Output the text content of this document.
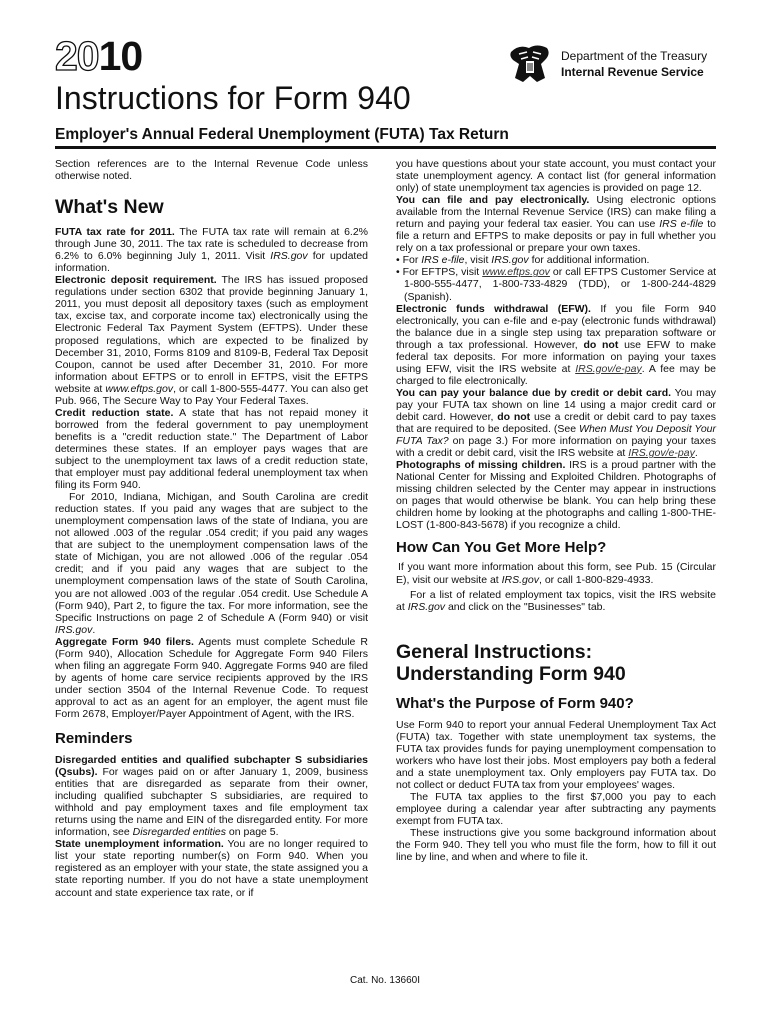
2010	Department of the Treasury
Internal Revenue Service
Instructions for Form 940
Employer's Annual Federal Unemployment (FUTA) Tax Return

Section references are to the Internal Revenue Code unless otherwise noted.

What's New

FUTA tax rate for 2011. The FUTA tax rate will remain at 6.2% through June 30, 2011. The tax rate is scheduled to decrease from 6.2% to 6.0% beginning July 1, 2011. Visit IRS.gov for updated information.

Electronic deposit requirement. The IRS has issued proposed regulations under section 6302 that provide beginning January 1, 2011, you must deposit all depository taxes (such as employment tax, excise tax, and corporate income tax) electronically using the Electronic Federal Tax Payment System (EFTPS). Under these proposed regulations, which are expected to be finalized by December 31, 2010, Forms 8109 and 8109-B, Federal Tax Deposit Coupon, cannot be used after December 31, 2010. For more information about EFTPS or to enroll in EFTPS, visit the EFTPS website at www.eftps.gov, or call 1-800-555-4477. You can also get Pub. 966, The Secure Way to Pay Your Federal Taxes.

Credit reduction state. A state that has not repaid money it borrowed from the federal government to pay unemployment benefits is a "credit reduction state." The Department of Labor determines these states. If an employer pays wages that are subject to the unemployment tax laws of a credit reduction state, that employer must pay additional federal unemployment tax when filing its Form 940.

For 2010, Indiana, Michigan, and South Carolina are credit reduction states. If you paid any wages that are subject to the unemployment compensation laws of the state of Indiana, you are not allowed .003 of the regular .054 credit; if you paid any wages that are subject to the unemployment compensation laws of the state of Michigan, you are not allowed .006 of the regular .054 credit; and if you paid any wages that are subject to the unemployment compensation laws of the state of South Carolina, you are not allowed .003 of the regular .054 credit. Use Schedule A (Form 940), Part 2, to figure the tax. For more information, see the Specific Instructions on page 2 of Schedule A (Form 940) or visit IRS.gov.

Aggregate Form 940 filers. Agents must complete Schedule R (Form 940), Allocation Schedule for Aggregate Form 940 Filers when filing an aggregate Form 940. Aggregate Forms 940 are filed by agents of home care service recipients approved by the IRS under section 3504 of the Internal Revenue Code. To request approval to act as an agent for an employer, the agent must file Form 2678, Employer/Payer Appointment of Agent, with the IRS.

Reminders

Disregarded entities and qualified subchapter S subsidiaries (Qsubs). For wages paid on or after January 1, 2009, business entities that are disregarded as separate from their owner, including qualified subchapter S subsidiaries, are required to withhold and pay employment taxes and file employment tax returns using the name and EIN of the disregarded entity. For more information, see Disregarded entities on page 5.

State unemployment information. You are no longer required to list your state reporting number(s) on Form 940. When you registered as an employer with your state, the state assigned you a state reporting number. If you do not have a state unemployment account and state experience tax rate, or if

you have questions about your state account, you must contact your state unemployment agency. A contact list (for general information only) of state unemployment tax agencies is provided on page 12.

You can file and pay electronically. Using electronic options available from the Internal Revenue Service (IRS) can make filing a return and paying your federal tax easier. You can use IRS e-file to file a return and EFTPS to make deposits or pay in full whether you rely on a tax professional or prepare your own taxes.

• For IRS e-file, visit IRS.gov for additional information.

• For EFTPS, visit www.eftps.gov or call EFTPS Customer Service at 1-800-555-4477, 1-800-733-4829 (TDD), or 1-800-244-4829 (Spanish).

Electronic funds withdrawal (EFW). If you file Form 940 electronically, you can e-file and e-pay (electronic funds withdrawal) the balance due in a single step using tax preparation software or through a tax professional. However, do not use EFW to make federal tax deposits. For more information on paying your taxes using EFW, visit the IRS website at IRS.gov/e-pay. A fee may be charged to file electronically.

You can pay your balance due by credit or debit card. You may pay your FUTA tax shown on line 14 using a major credit card or debit card. However, do not use a credit or debit card to pay taxes that are required to be deposited. (See When Must You Deposit Your FUTA Tax? on page 3.) For more information on paying your taxes with a credit or debit card, visit the IRS website at IRS.gov/e-pay.

Photographs of missing children. IRS is a proud partner with the National Center for Missing and Exploited Children. Photographs of missing children selected by the Center may appear in instructions on pages that would otherwise be blank. You can help bring these children home by looking at the photographs and calling 1-800-THE-LOST (1-800-843-5678) if you recognize a child.

How Can You Get More Help?

If you want more information about this form, see Pub. 15 (Circular E), visit our website at IRS.gov, or call 1-800-829-4933.

For a list of related employment tax topics, visit the IRS website at IRS.gov and click on the "Businesses" tab.

General Instructions:
Understanding Form 940
What's the Purpose of Form 940?

Use Form 940 to report your annual Federal Unemployment Tax Act (FUTA) tax. Together with state unemployment tax systems, the FUTA tax provides funds for paying unemployment compensation to workers who have lost their jobs. Most employers pay both a federal and a state unemployment tax. Only employers pay FUTA tax. Do not collect or deduct FUTA tax from your employees' wages.

The FUTA tax applies to the first $7,000 you pay to each employee during a calendar year after subtracting any payments exempt from FUTA tax.

These instructions give you some background information about the Form 940. They tell you who must file the form, how to fill it out line by line, and when and where to file it.

Cat. No. 13660I
